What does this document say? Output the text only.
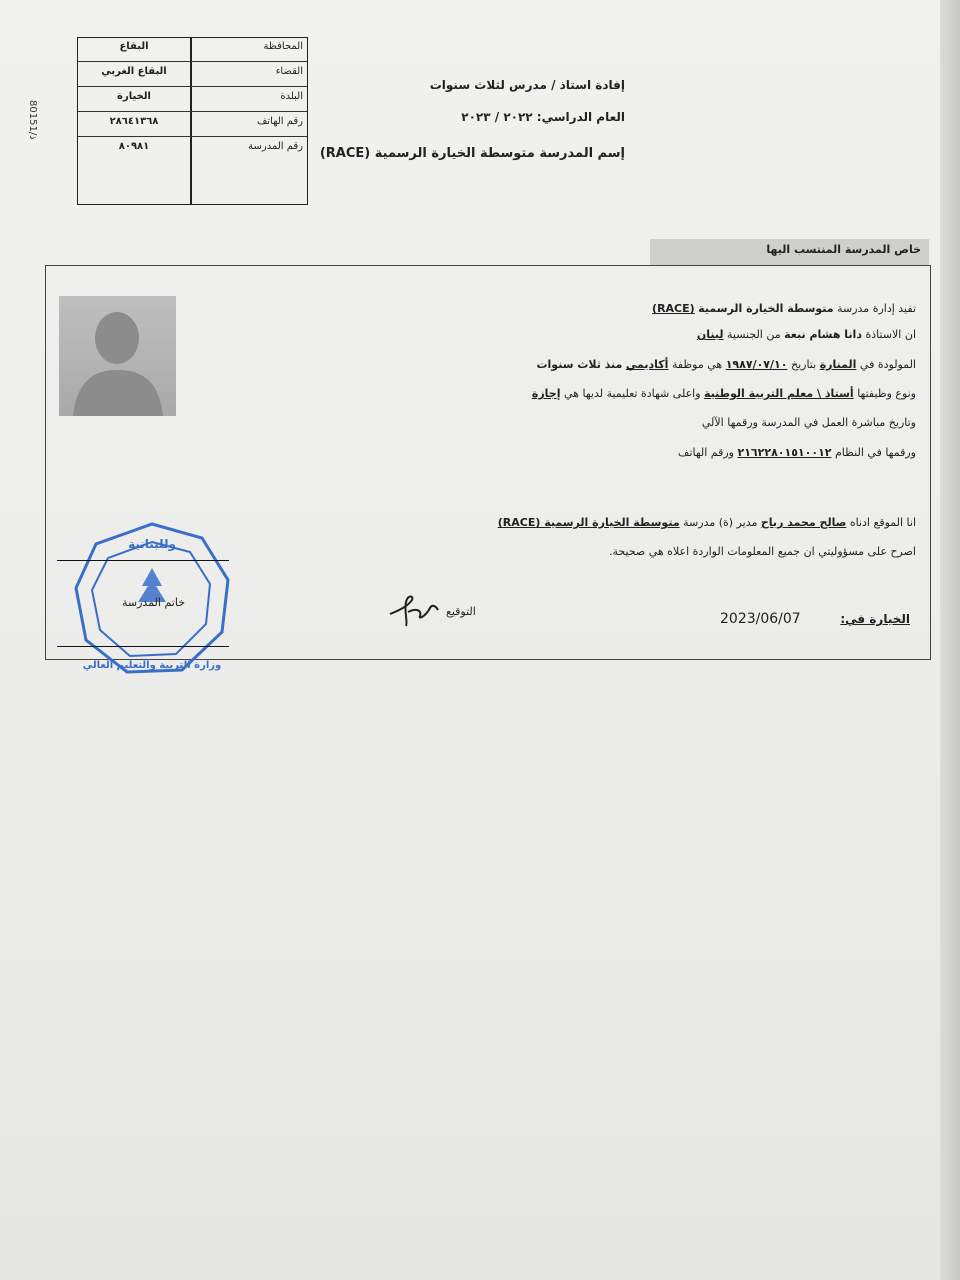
ذ/80151
المحافظة
البقاع
القضاء
البقاع الغربي
البلدة
الخيارة
رقم الهاتف
٢٨٦٤١٣٦٨
رقم المدرسة
٨٠٩٨١
إفادة استاذ / مدرس لثلاث سنوات
العام الدراسي: ٢٠٢٢ / ٢٠٢٣
إسم المدرسة متوسطة الخيارة الرسمية (RACE)
خاص المدرسة المنتسب اليها
تفيد إدارة مدرسة متوسطة الخيارة الرسمية (RACE)
ان الاستاذة دانا هشام نبعة من الجنسية لبنان
المولودة في المنارة بتاريخ ١٩٨٧/٠٧/١٠ هي موظفة أكاديمي منذ ثلاث سنوات
ونوع وظيفتها أستاذ \ معلم التربية الوطنية واعلى شهادة تعليمية لديها هي إجازة
وتاريخ مباشرة العمل في المدرسة ورقمها الآلي
ورقمها في النظام ٢١٦٢٢٨٠١٥١٠٠١٢ ورقم الهاتف
انا الموقع ادناه صالح محمد رباح مدير (ة) مدرسة متوسطة الخيارة الرسمية (RACE)
اصرح على مسؤوليتي ان جميع المعلومات الواردة اعلاه هي صحيحة.
وللبنانية
وزارة التربية والتعليم العالي
خاتم المدرسة
التوقيع	2023/06/07	الخيارة في:
